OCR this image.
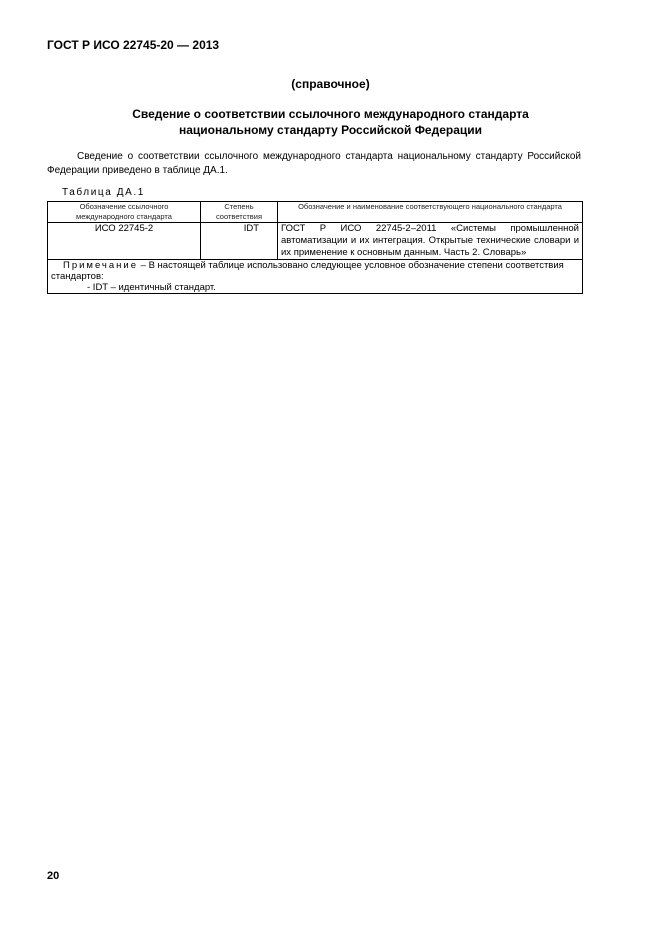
ГОСТ Р ИСО 22745-20 — 2013
(справочное)
Сведение о соответствии ссылочного международного стандарта
национальному стандарту Российской Федерации
Сведение о соответствии ссылочного международного стандарта национальному стандарту Российской Федерации приведено в таблице ДА.1.
Таблица ДА.1
Обозначение ссылочного международного стандарта	Степень соответствия	Обозначение и наименование соответствующего национального стандарта
ИСО 22745-2	IDT	ГОСТ Р ИСО 22745-2–2011 «Системы промышленной автоматизации и их интеграция. Открытые технические словари и их применение к основным данным. Часть 2. Словарь»

Примечание – В настоящей таблице использовано следующее условное обозначение степени соответствия стандартов:
- IDT – идентичный стандарт.		
20
